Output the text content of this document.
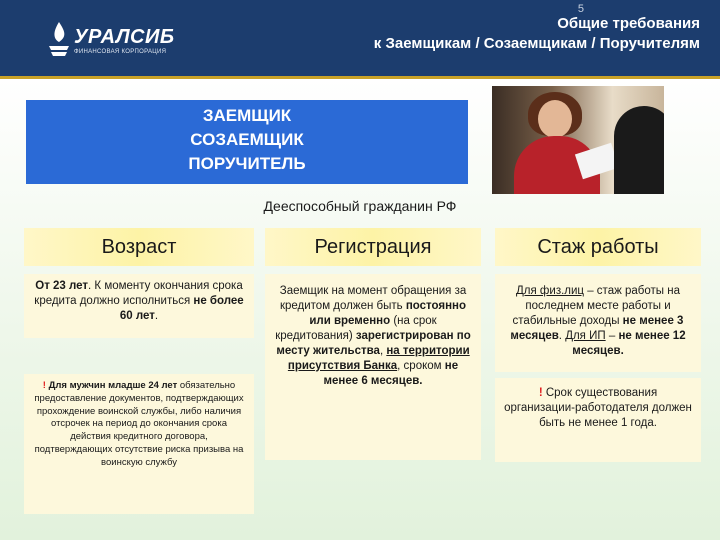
УРАЛСИБ
ФИНАНСОВАЯ КОРПОРАЦИЯ
5
Общие требования
к Заемщикам / Созаемщикам / Поручителям
ЗАЕМЩИК
СОЗАЕМЩИК
ПОРУЧИТЕЛЬ
Дееспособный гражданин РФ
Возраст	Регистрация	Стаж работы
От 23 лет. К моменту окончания срока кредита должно исполниться не более 60 лет.
! Для мужчин младше 24 лет обязательно предоставление документов, подтверждающих прохождение воинской службы, либо наличия отсрочек на период до окончания срока действия кредитного договора, подтверждающих отсутствие риска призыва на воинскую службу
Заемщик на момент обращения за кредитом должен быть постоянно или временно (на срок кредитования) зарегистрирован по месту жительства, на территории присутствия Банка, сроком не менее 6 месяцев.
Для физ.лиц – стаж работы на последнем месте работы и стабильные доходы не менее 3 месяцев. Для ИП – не менее 12 месяцев.
! Срок существования организации-работодателя должен быть не менее 1 года.
